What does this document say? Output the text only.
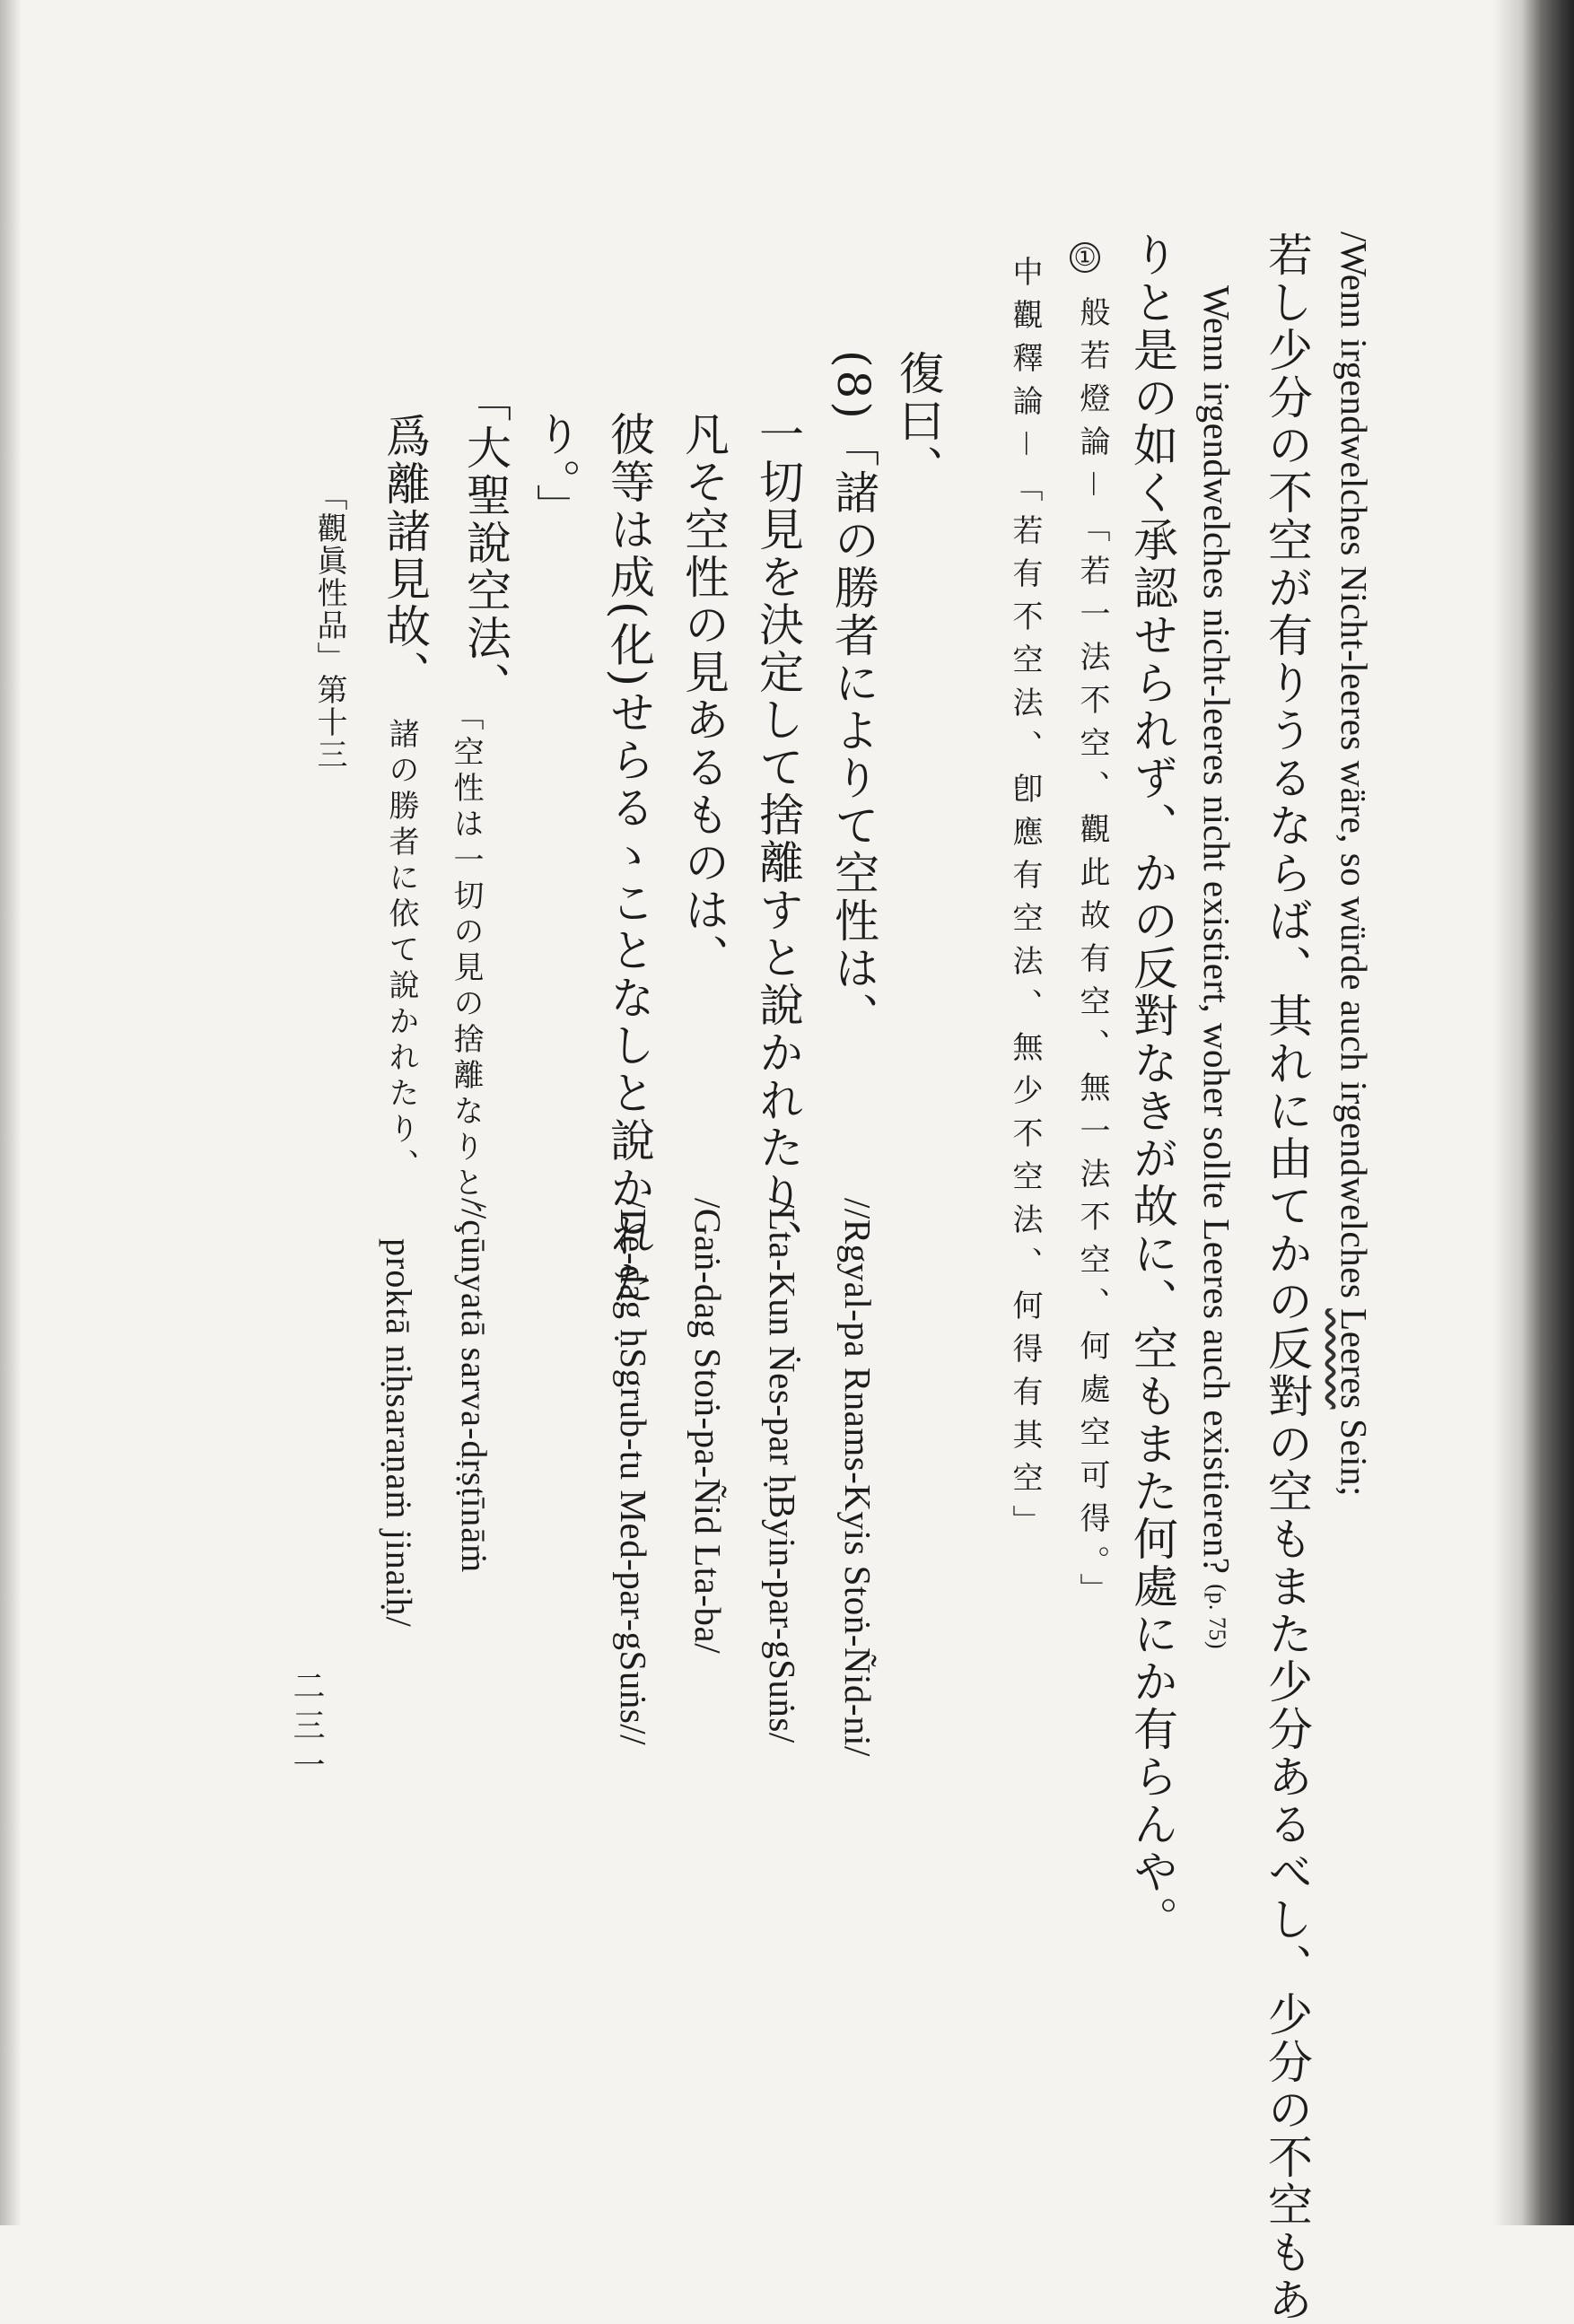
/Wenn irgendwelches Nicht-leeres wäre, so würde auch irgendwelches Leeres Sein;
若し少分の不空が有りうるならば、其れに由てかの反對の空もまた少分あるべし、少分の不空もあ
Wenn irgendwelches nicht-leeres nicht existiert, woher sollte Leeres auch existieren? (p. 75)
りと是の如く承認せられず、かの反對なきが故に、空もまた何處にか有らんや。
①
般若燈論－「若一法不空、觀此故有空、無一法不空、何處空可得。」
中觀釋論－「若有不空法、卽應有空法、無少不空法、何得有其空」
復曰、
(8)「諸の勝者によりて空性は、
//Rgyal-pa Rnams-Kyis Stoṅ-Ñid-ni/
一切見を決定して捨離すと說かれたり、
/Lta-Kun Ṅes-par ḥByin-par-gSuṅs/
凡そ空性の見あるものは、
/Gaṅ-dag Stoṅ-pa-Ñid Lta-ba/
彼等は成(化)せらるゝことなしと說かれた
/De-dag ḥSgrub-tu Med-par-gSuṅs//
り。」
「大聖說空法、
「空性は一切の見の捨離なりと、
//çūnyatā sarva-dṛṣṭīnāṁ
爲離諸見故、
諸の勝者に依て說かれたり、
proktā niḥsaraṇaṁ jinaiḥ/
「觀眞性品」第十三
二三一
